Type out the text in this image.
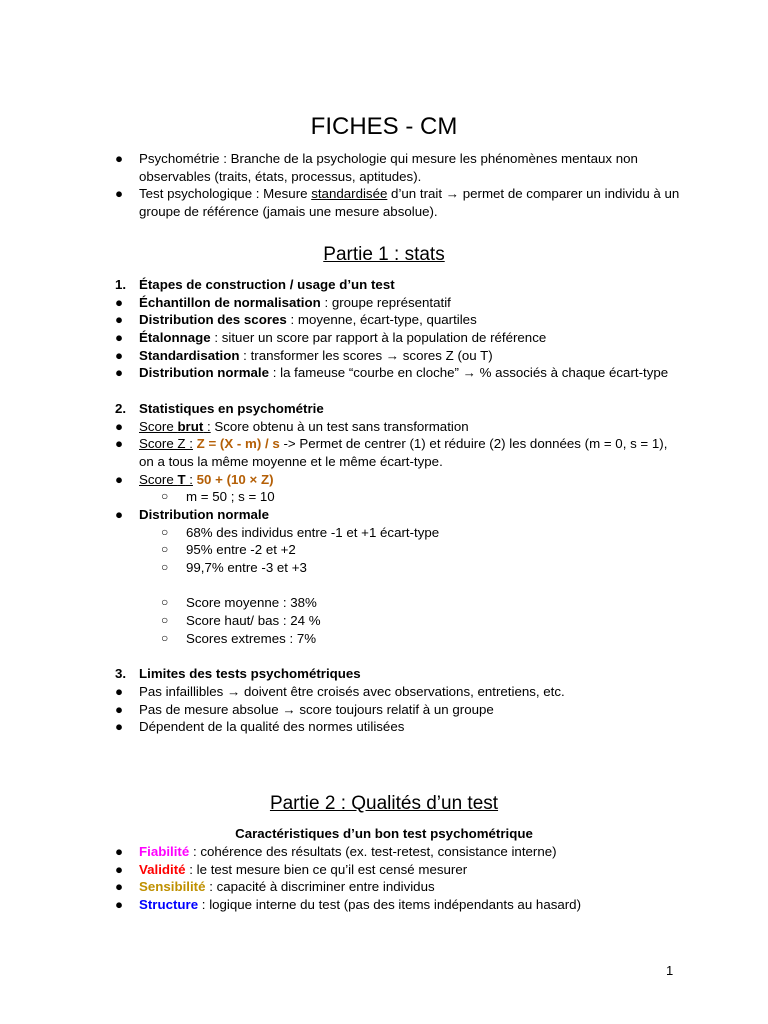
FICHES - CM
●	Psychométrie : Branche de la psychologie qui mesure les phénomènes mentaux non observables (traits, états, processus, aptitudes).
●	Test psychologique : Mesure standardisée d’un trait → permet de comparer un individu à un groupe de référence (jamais une mesure absolue).
Partie 1 : stats
1. Étapes de construction / usage d’un test
●	Échantillon de normalisation : groupe représentatif
●	Distribution des scores : moyenne, écart-type, quartiles
●	Étalonnage : situer un score par rapport à la population de référence
●	Standardisation : transformer les scores → scores Z (ou T)
●	Distribution normale : la fameuse “courbe en cloche” → % associés à chaque écart-type
2. Statistiques en psychométrie
●	Score brut : Score obtenu à un test sans transformation
●	Score Z : Z = (X - m) / s -> Permet de centrer (1) et réduire (2) les données (m = 0, s = 1), on a tous la même moyenne et le même écart-type.
●	Score T : 50 + (10 × Z)
○	m = 50 ; s = 10
●	Distribution normale
○	68% des individus entre -1 et +1 écart-type
○	95% entre -2 et +2
○	99,7% entre -3 et +3
○	Score moyenne : 38%
○	Score haut/ bas : 24 %
○	Scores extremes : 7%
3. Limites des tests psychométriques
●	Pas infaillibles → doivent être croisés avec observations, entretiens, etc.
●	Pas de mesure absolue → score toujours relatif à un groupe
●	Dépendent de la qualité des normes utilisées
Partie 2 : Qualités d’un test
Caractéristiques d’un bon test psychométrique
●	Fiabilité : cohérence des résultats (ex. test-retest, consistance interne)
●	Validité : le test mesure bien ce qu’il est censé mesurer
●	Sensibilité : capacité à discriminer entre individus
●	Structure : logique interne du test (pas des items indépendants au hasard)
1
